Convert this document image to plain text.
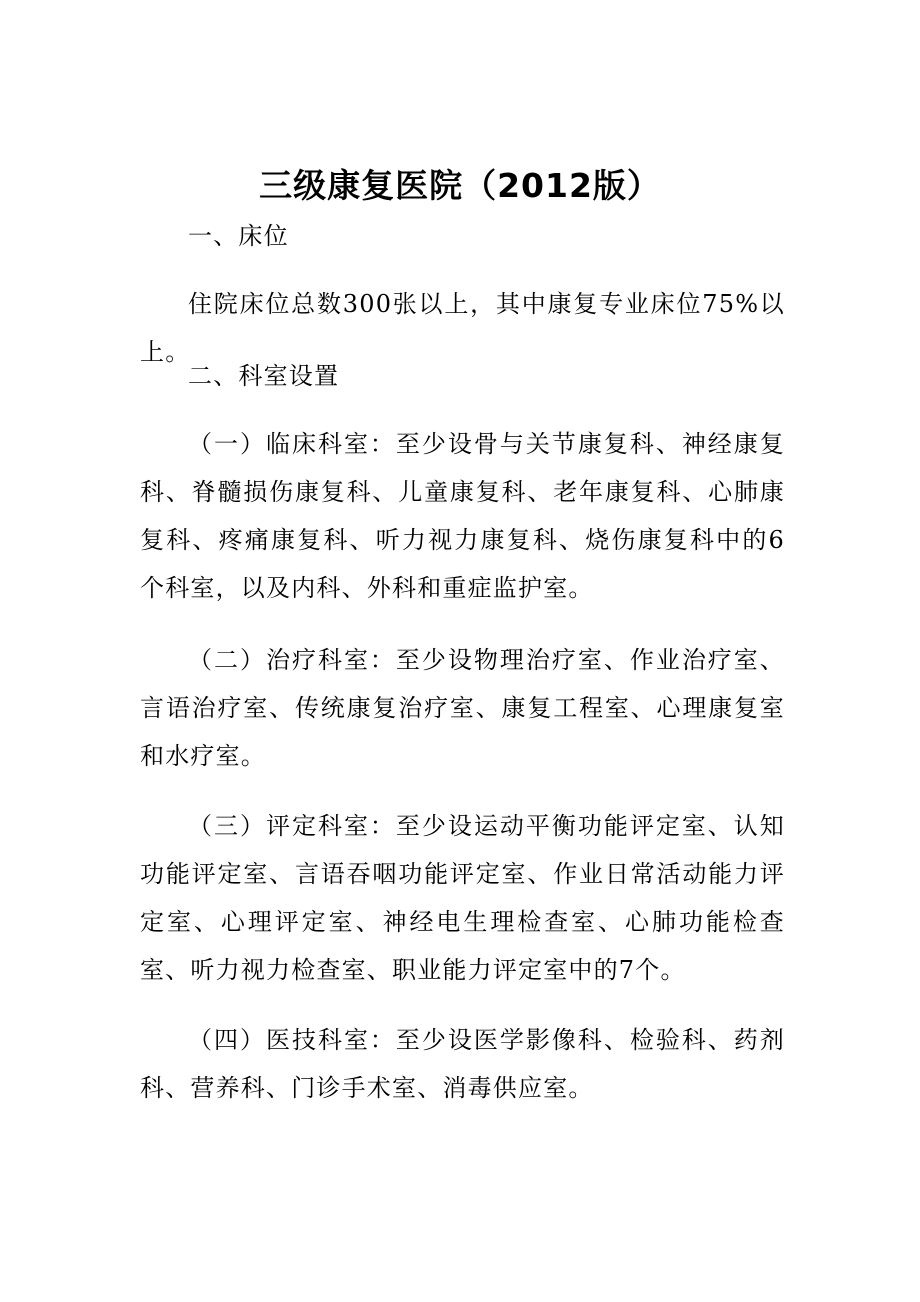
三级康复医院（2012版）
一、床位
住院床位总数300张以上，其中康复专业床位75%以上。
二、科室设置
（一）临床科室：至少设骨与关节康复科、神经康复科、脊髓损伤康复科、儿童康复科、老年康复科、心肺康复科、疼痛康复科、听力视力康复科、烧伤康复科中的6个科室，以及内科、外科和重症监护室。
（二）治疗科室：至少设物理治疗室、作业治疗室、言语治疗室、传统康复治疗室、康复工程室、心理康复室和水疗室。
（三）评定科室：至少设运动平衡功能评定室、认知功能评定室、言语吞咽功能评定室、作业日常活动能力评定室、心理评定室、神经电生理检查室、心肺功能检查室、听力视力检查室、职业能力评定室中的7个。
（四）医技科室：至少设医学影像科、检验科、药剂科、营养科、门诊手术室、消毒供应室。
